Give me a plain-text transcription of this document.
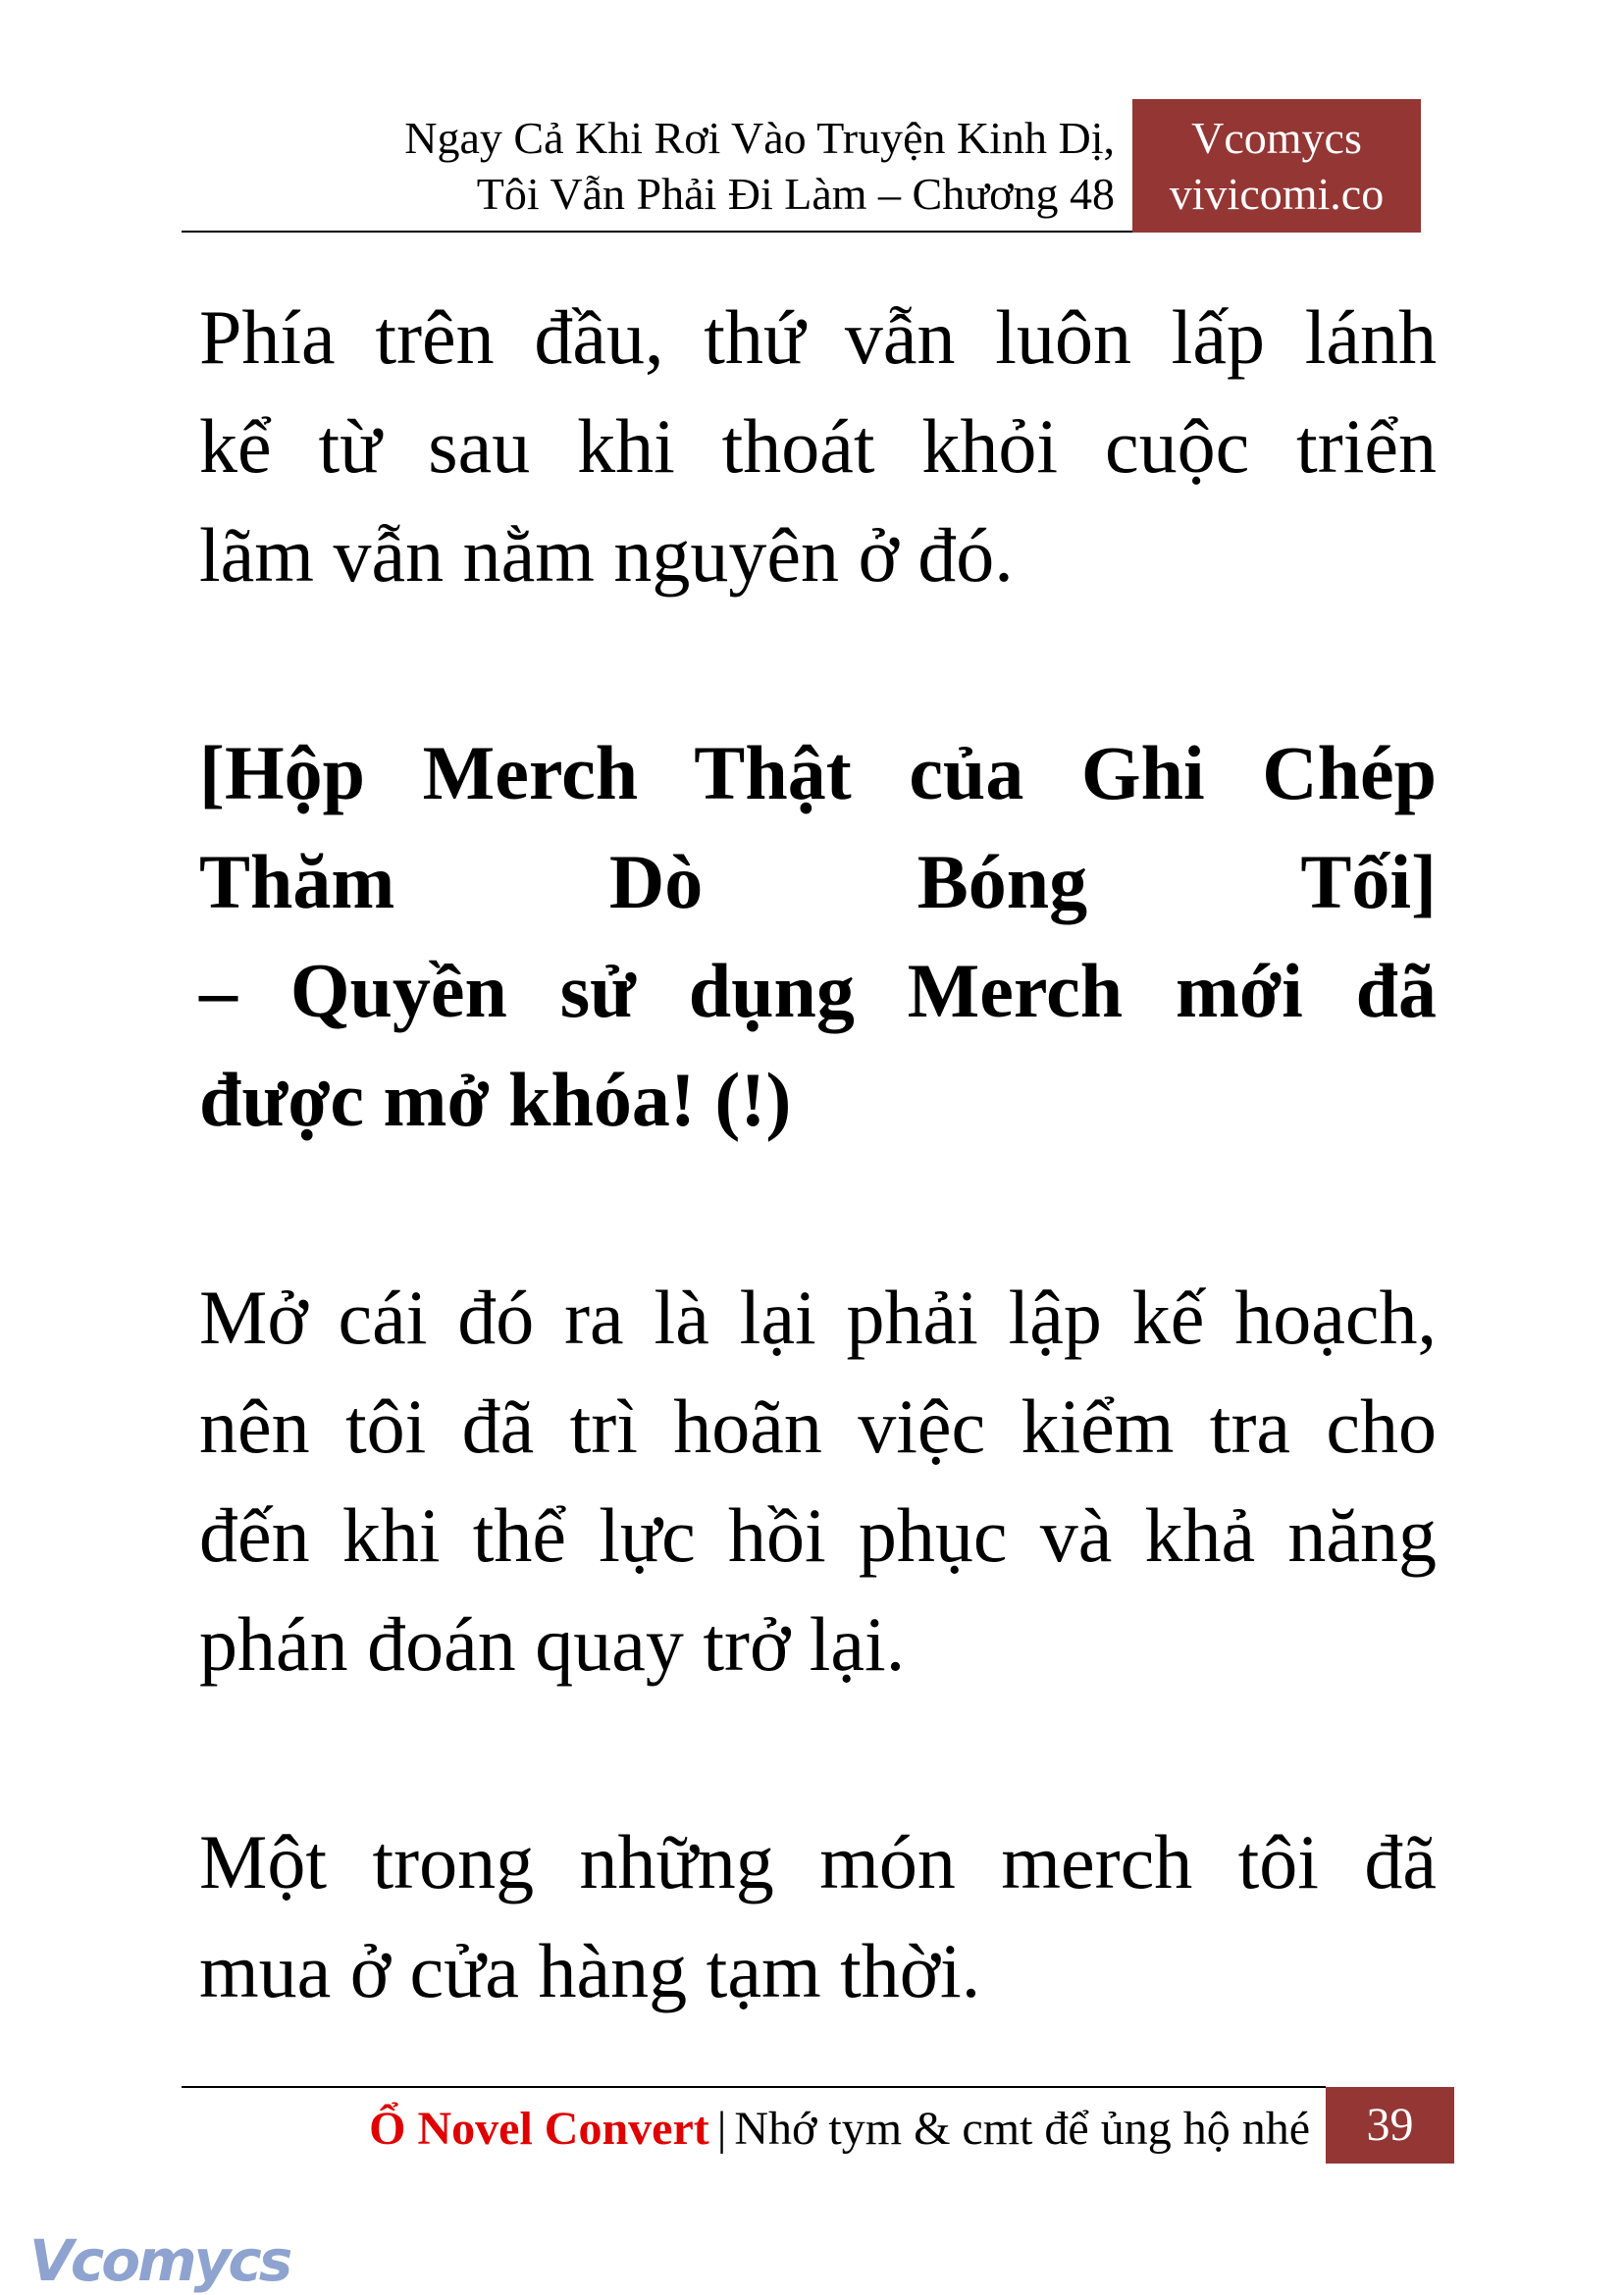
Ngay Cả Khi Rơi Vào Truyện Kinh Dị,
Tôi Vẫn Phải Đi Làm – Chương 48
Vcomycs
vivicomi.co
Phía trên đầu, thứ vẫn luôn lấp lánh
kể từ sau khi thoát khỏi cuộc triển
lãm vẫn nằm nguyên ở đó.
[Hộp Merch Thật của Ghi Chép
Thăm Dò Bóng Tối]
– Quyền sử dụng Merch mới đã
được mở khóa! (!)
Mở cái đó ra là lại phải lập kế hoạch,
nên tôi đã trì hoãn việc kiểm tra cho
đến khi thể lực hồi phục và khả năng
phán đoán quay trở lại.
Một trong những món merch tôi đã
mua ở cửa hàng tạm thời.
Ổ Novel Convert | Nhớ tym & cmt để ủng hộ nhé	39
Vcomycs
